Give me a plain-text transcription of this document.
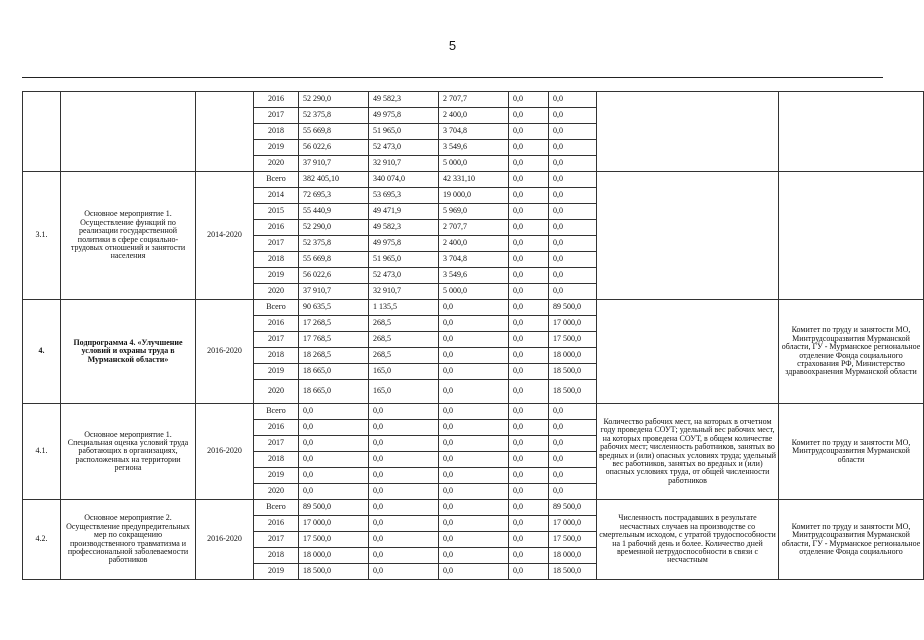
5
			2016	52 290,0	49 582,3	2 707,7	0,0	0,0		
			2017	52 375,8	49 975,8	2 400,0	0,0	0,0		
			2018	55 669,8	51 965,0	3 704,8	0,0	0,0		
			2019	56 022,6	52 473,0	3 549,6	0,0	0,0		
			2020	37 910,7	32 910,7	5 000,0	0,0	0,0		
3.1.	Основное мероприятие 1. Осуществление функций по реализации государственной политики в сфере социально-трудовых отношений и занятости населения	2014-2020	Всего	382 405,10	340 074,0	42 331,10	0,0	0,0		
			2014	72 695,3	53 695,3	19 000,0	0,0	0,0		
			2015	55 440,9	49 471,9	5 969,0	0,0	0,0		
			2016	52 290,0	49 582,3	2 707,7	0,0	0,0		
			2017	52 375,8	49 975,8	2 400,0	0,0	0,0		
			2018	55 669,8	51 965,0	3 704,8	0,0	0,0		
			2019	56 022,6	52 473,0	3 549,6	0,0	0,0		
			2020	37 910,7	32 910,7	5 000,0	0,0	0,0		
4.	Подпрограмма 4. «Улучшение условий и охраны труда в Мурманской области»	2016-2020	Всего	90 635,5	1 135,5	0,0	0,0	89 500,0		Комитет по труду и занятости МО, Минтрудсоцразвития Мурманской области, ГУ - Мурманское региональное отделение Фонда социального страхования РФ, Министерство здравоохранения Мурманской области
			2016	17 268,5	268,5	0,0	0,0	17 000,0		
			2017	17 768,5	268,5	0,0	0,0	17 500,0		
			2018	18 268,5	268,5	0,0	0,0	18 000,0		
			2019	18 665,0	165,0	0,0	0,0	18 500,0		
			2020	18 665,0	165,0	0,0	0,0	18 500,0		
4.1.	Основное мероприятие 1. Специальная оценка условий труда работающих в организациях, расположенных на территории региона	2016-2020	Всего	0,0	0,0	0,0	0,0	0,0	Количество рабочих мест, на которых в отчетном году проведена СОУТ; удельный вес рабочих мест, на которых проведена СОУТ, в общем количестве рабочих мест; численность работников, занятых во вредных и (или) опасных условиях труда; удельный вес работников, занятых во вредных и (или) опасных условиях труда, от общей численности работников	Комитет по труду и занятости МО, Минтрудсоцразвития Мурманской области
			2016	0,0	0,0	0,0	0,0	0,0		
			2017	0,0	0,0	0,0	0,0	0,0		
			2018	0,0	0,0	0,0	0,0	0,0		
			2019	0,0	0,0	0,0	0,0	0,0		
			2020	0,0	0,0	0,0	0,0	0,0		
4.2.	Основное мероприятие 2. Осуществление предупредительных мер по сокращению производственного травматизма и профессиональной заболеваемости работников	2016-2020	Всего	89 500,0	0,0	0,0	0,0	89 500,0	Численность пострадавших в результате несчастных случаев на производстве со смертельным исходом, с утратой трудоспособности на 1 рабочий день и более. Количество дней временной нетрудоспособности в связи с несчастным	Комитет по труду и занятости МО, Минтрудсоцразвития Мурманской области, ГУ - Мурманское региональное отделение Фонда социального
			2016	17 000,0	0,0	0,0	0,0	17 000,0		
			2017	17 500,0	0,0	0,0	0,0	17 500,0		
			2018	18 000,0	0,0	0,0	0,0	18 000,0		
			2019	18 500,0	0,0	0,0	0,0	18 500,0		
